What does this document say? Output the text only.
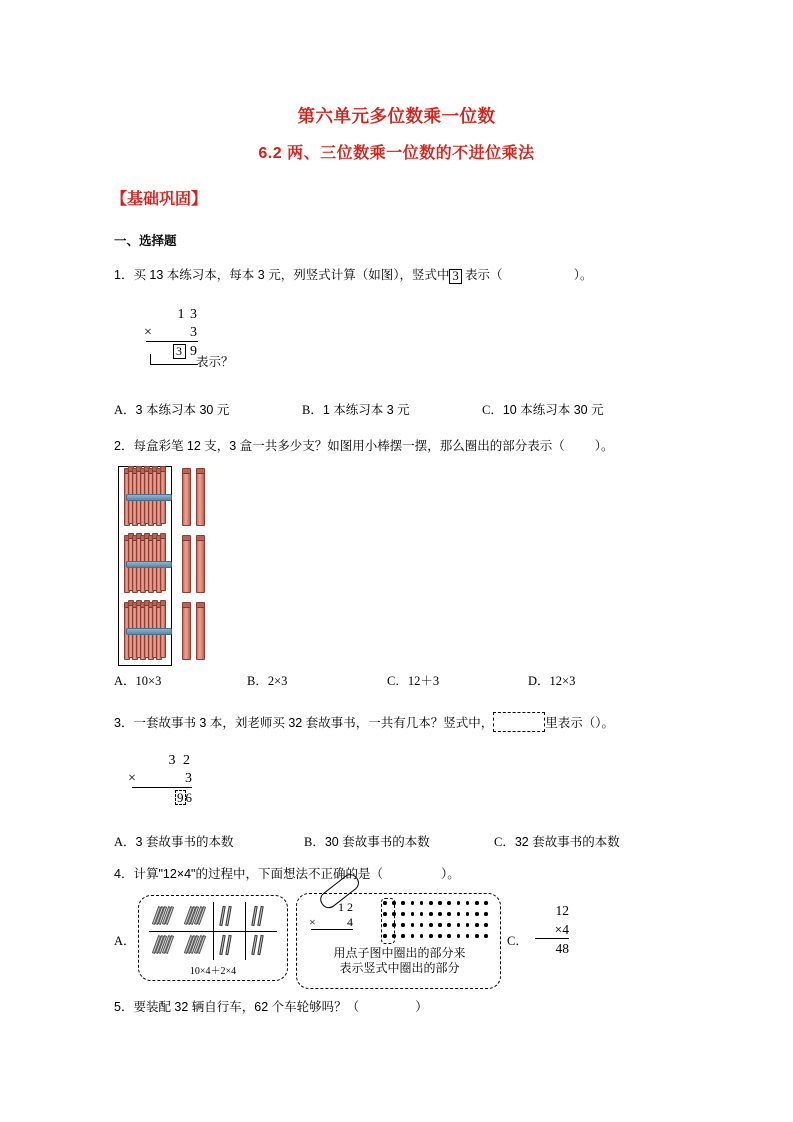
第六单元多位数乘一位数
6.2 两、三位数乘一位数的不进位乘法
【基础巩固】
一、选择题
1．买 13 本练习本，每本 3 元，列竖式计算（如图），竖式中 3 表示（	）。
1 3
×	3
3 9
表示？
A．3 本练习本 30 元	B．1 本练习本 3 元	C．10 本练习本 30 元
2．每盒彩笔 12 支，3 盒一共多少支？如图用小棒摆一摆，那么圈出的部分表示（ ）。
A．10×3	B．2×3	C．12＋3	D．12×3
3．一套故事书 3 本，刘老师买 32 套故事书，一共有几本？竖式中，	里表示（）。
3 2
×	3
9 6
A．3 套故事书的本数	B．30 套故事书的本数	C．32 套故事书的本数
4．计算"12×4"的过程中，下面想法不正确的是（	）。
A．
10×4＋2×4
1 2
×	4
用点子图中圈出的部分来
表示竖式中圈出的部分
C．
12
×4
48
5．要装配 32 辆自行车，62 个车轮够吗？（	）
